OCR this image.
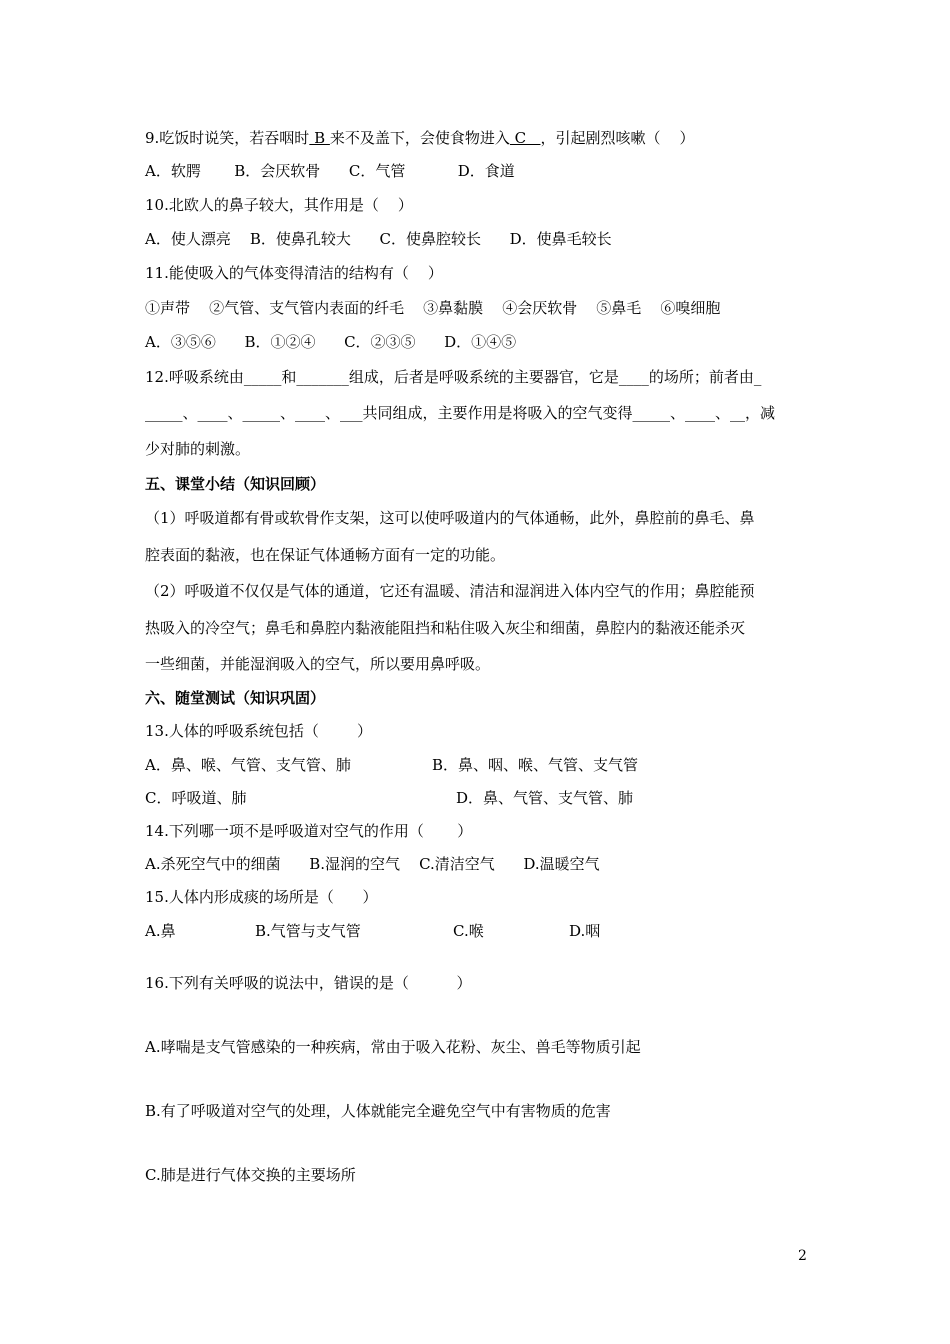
9.吃饭时说笑，若吞咽时 B 来不及盖下，会使食物进入 C   ，引起剧烈咳嗽（    ）
A．软腭       B．会厌软骨      C．气管           D．食道
10.北欧人的鼻子较大，其作用是（    ）
A．使人漂亮    B．使鼻孔较大      C．使鼻腔较长      D．使鼻毛较长
11.能使吸入的气体变得清洁的结构有（    ）
①声带    ②气管、支气管内表面的纤毛    ③鼻黏膜    ④会厌软骨    ⑤鼻毛    ⑥嗅细胞
A．③⑤⑥      B．①②④      C．②③⑤      D．①④⑤
12.呼吸系统由_____和_______组成，后者是呼吸系统的主要器官，它是____的场所；前者由_
_____、____、_____、____、___共同组成，主要作用是将吸入的空气变得_____、____、__，减
少对肺的刺激。
五、课堂小结（知识回顾）
（1）呼吸道都有骨或软骨作支架，这可以使呼吸道内的气体通畅，此外，鼻腔前的鼻毛、鼻
腔表面的黏液，也在保证气体通畅方面有一定的功能。
（2）呼吸道不仅仅是气体的通道，它还有温暖、清洁和湿润进入体内空气的作用；鼻腔能预
热吸入的冷空气；鼻毛和鼻腔内黏液能阻挡和粘住吸入灰尘和细菌，鼻腔内的黏液还能杀灭
一些细菌，并能湿润吸入的空气，所以要用鼻呼吸。
六、随堂测试（知识巩固）
13.人体的呼吸系统包括（        ）
A．鼻、喉、气管、支气管、肺	B．鼻、咽、喉、气管、支气管
C．呼吸道、肺	D．鼻、气管、支气管、肺
14.下列哪一项不是呼吸道对空气的作用（       ）
A.杀死空气中的细菌      B.湿润的空气    C.清洁空气      D.温暖空气
15.人体内形成痰的场所是（      ）
A.鼻	B.气管与支气管	C.喉	D.咽
16.下列有关呼吸的说法中，错误的是（          ）
A.哮喘是支气管感染的一种疾病，常由于吸入花粉、灰尘、兽毛等物质引起
B.有了呼吸道对空气的处理，人体就能完全避免空气中有害物质的危害
C.肺是进行气体交换的主要场所
2
